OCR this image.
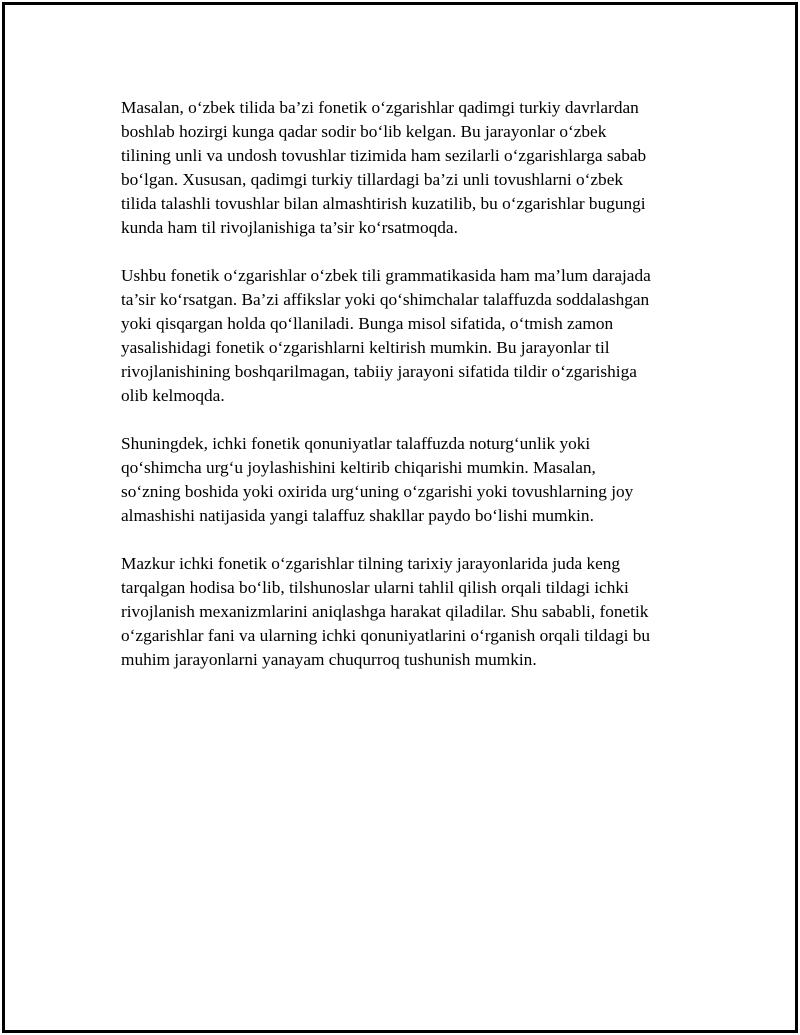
Masalan, o‘zbek tilida ba’zi fonetik o‘zgarishlar qadimgi turkiy davrlardan
boshlab hozirgi kunga qadar sodir bo‘lib kelgan. Bu jarayonlar o‘zbek
tilining unli va undosh tovushlar tizimida ham sezilarli o‘zgarishlarga sabab
bo‘lgan. Xususan, qadimgi turkiy tillardagi ba’zi unli tovushlarni o‘zbek
tilida talashli tovushlar bilan almashtirish kuzatilib, bu o‘zgarishlar bugungi
kunda ham til rivojlanishiga ta’sir ko‘rsatmoqda.

Ushbu fonetik o‘zgarishlar o‘zbek tili grammatikasida ham ma’lum darajada
ta’sir ko‘rsatgan. Ba’zi affikslar yoki qo‘shimchalar talaffuzda soddalashgan
yoki qisqargan holda qo‘llaniladi. Bunga misol sifatida, o‘tmish zamon
yasalishidagi fonetik o‘zgarishlarni keltirish mumkin. Bu jarayonlar til
rivojlanishining boshqarilmagan, tabiiy jarayoni sifatida tildir o‘zgarishiga
olib kelmoqda.

Shuningdek, ichki fonetik qonuniyatlar talaffuzda noturg‘unlik yoki
qo‘shimcha urg‘u joylashishini keltirib chiqarishi mumkin. Masalan,
so‘zning boshida yoki oxirida urg‘uning o‘zgarishi yoki tovushlarning joy
almashishi natijasida yangi talaffuz shakllar paydo bo‘lishi mumkin.

Mazkur ichki fonetik o‘zgarishlar tilning tarixiy jarayonlarida juda keng
tarqalgan hodisa bo‘lib, tilshunoslar ularni tahlil qilish orqali tildagi ichki
rivojlanish mexanizmlarini aniqlashga harakat qiladilar. Shu sababli, fonetik
o‘zgarishlar fani va ularning ichki qonuniyatlarini o‘rganish orqali tildagi bu
muhim jarayonlarni yanayam chuqurroq tushunish mumkin.
